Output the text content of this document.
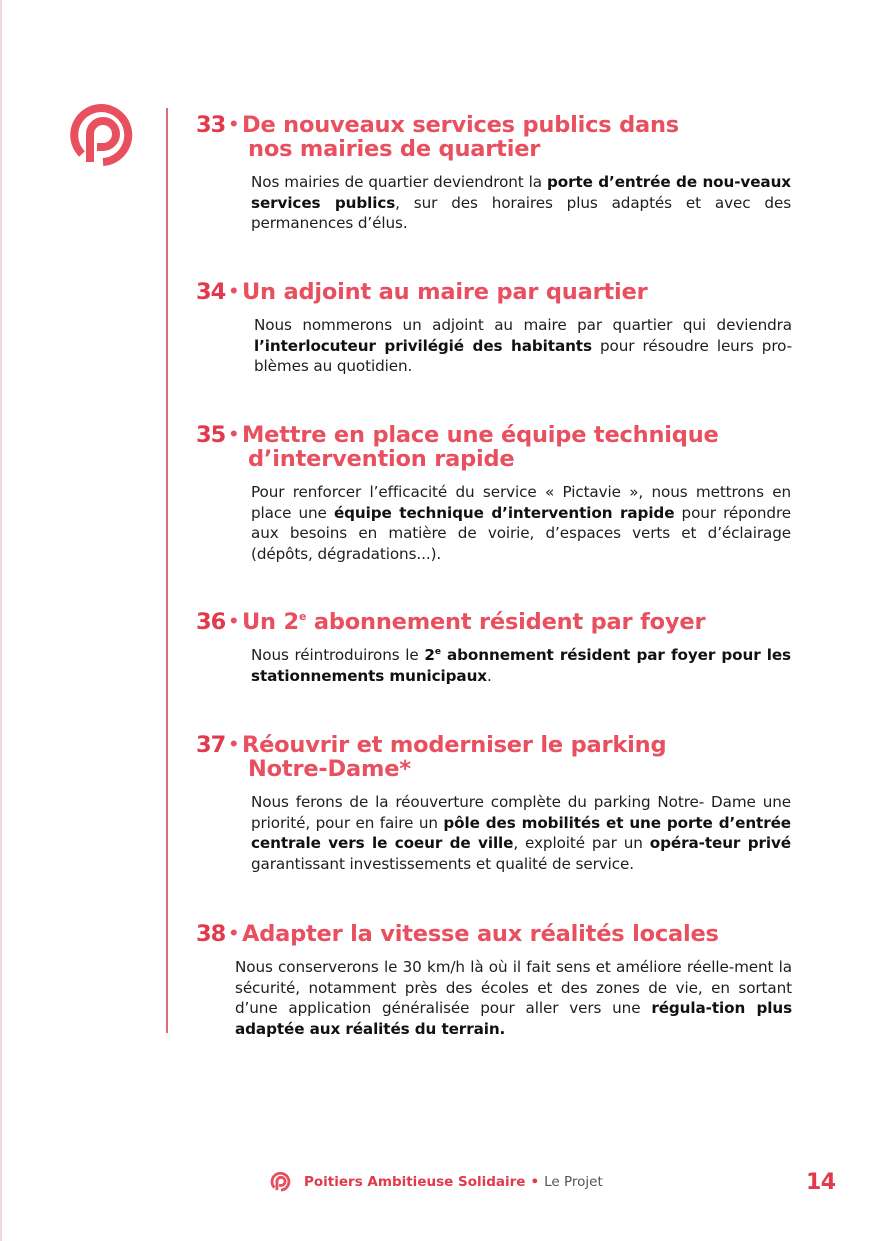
33 • De nouveaux services publics dans
nos mairies de quartier

Nos mairies de quartier deviendront la porte d’entrée de nou-veaux services publics, sur des horaires plus adaptés et avec des permanences d’élus.

34 • Un adjoint au maire par quartier

Nous nommerons un adjoint au maire par quartier qui deviendra l’interlocuteur privilégié des habitants pour résoudre leurs pro-blèmes au quotidien.

35 • Mettre en place une équipe technique
d’intervention rapide

Pour renforcer l’efficacité du service « Pictavie », nous mettrons en place une équipe technique d’intervention rapide pour répondre aux besoins en matière de voirie, d’espaces verts et d’éclairage (dépôts, dégradations...).

36 • Un 2e abonnement résident par foyer

Nous réintroduirons le 2e abonnement résident par foyer pour les stationnements municipaux.

37 • Réouvrir et moderniser le parking
Notre-Dame*

Nous ferons de la réouverture complète du parking Notre- Dame une priorité, pour en faire un pôle des mobilités et une porte d’entrée centrale vers le coeur de ville, exploité par un opéra-teur privé garantissant investissements et qualité de service.

38 • Adapter la vitesse aux réalités locales

Nous conserverons le 30 km/h là où il fait sens et améliore réelle-ment la sécurité, notamment près des écoles et des zones de vie, en sortant d’une application généralisée pour aller vers une régula-tion plus adaptée aux réalités du terrain.

Poitiers Ambitieuse Solidaire • Le Projet	14
